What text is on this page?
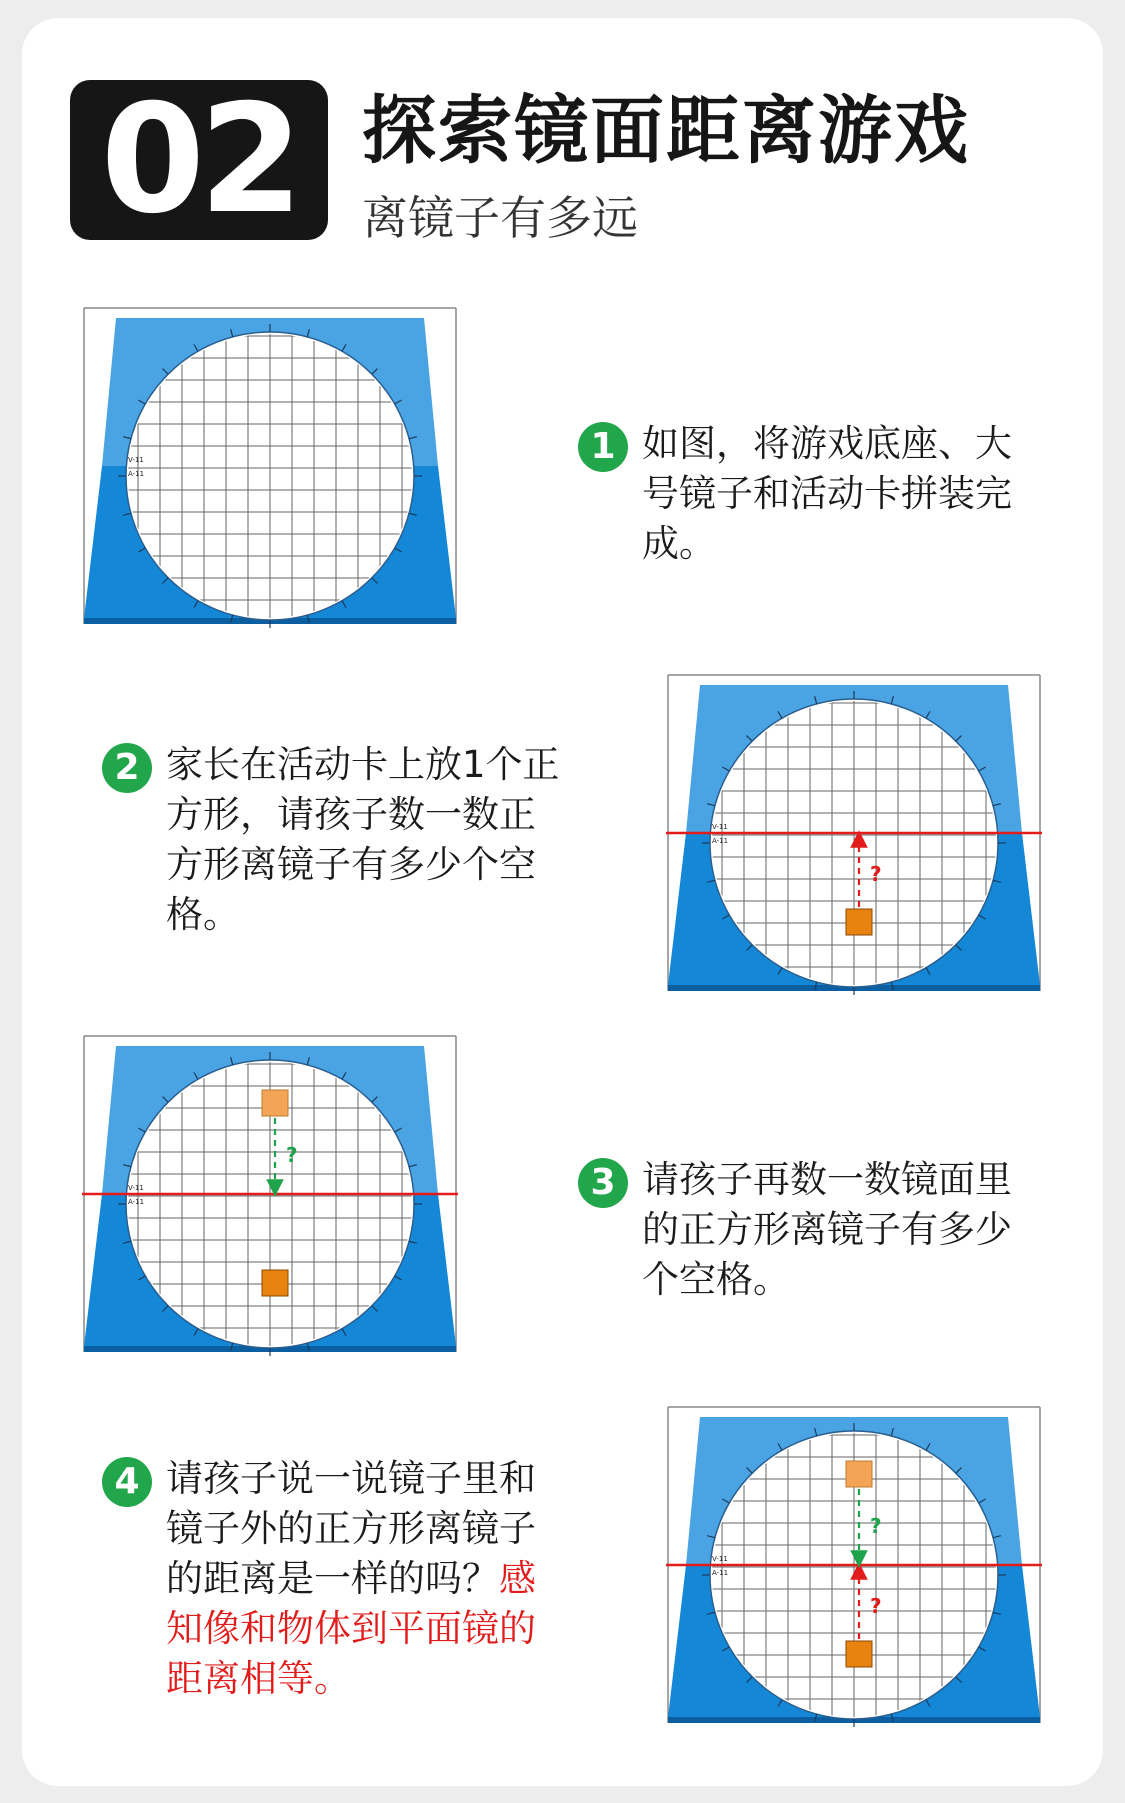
02 探索镜面距离游戏
离镜子有多远
V-11
A-11
1 如图，将游戏底座、大号镜子和活动卡拼装完成。
2 家长在活动卡上放1个正方形，请孩子数一数正方形离镜子有多少个空格。
V-11
A-11
?
V-11
A-11
?
3 请孩子再数一数镜面里的正方形离镜子有多少个空格。
4 请孩子说一说镜子里和镜子外的正方形离镜子的距离是一样的吗？感知像和物体到平面镜的距离相等。
V-11
A-11
?
?
